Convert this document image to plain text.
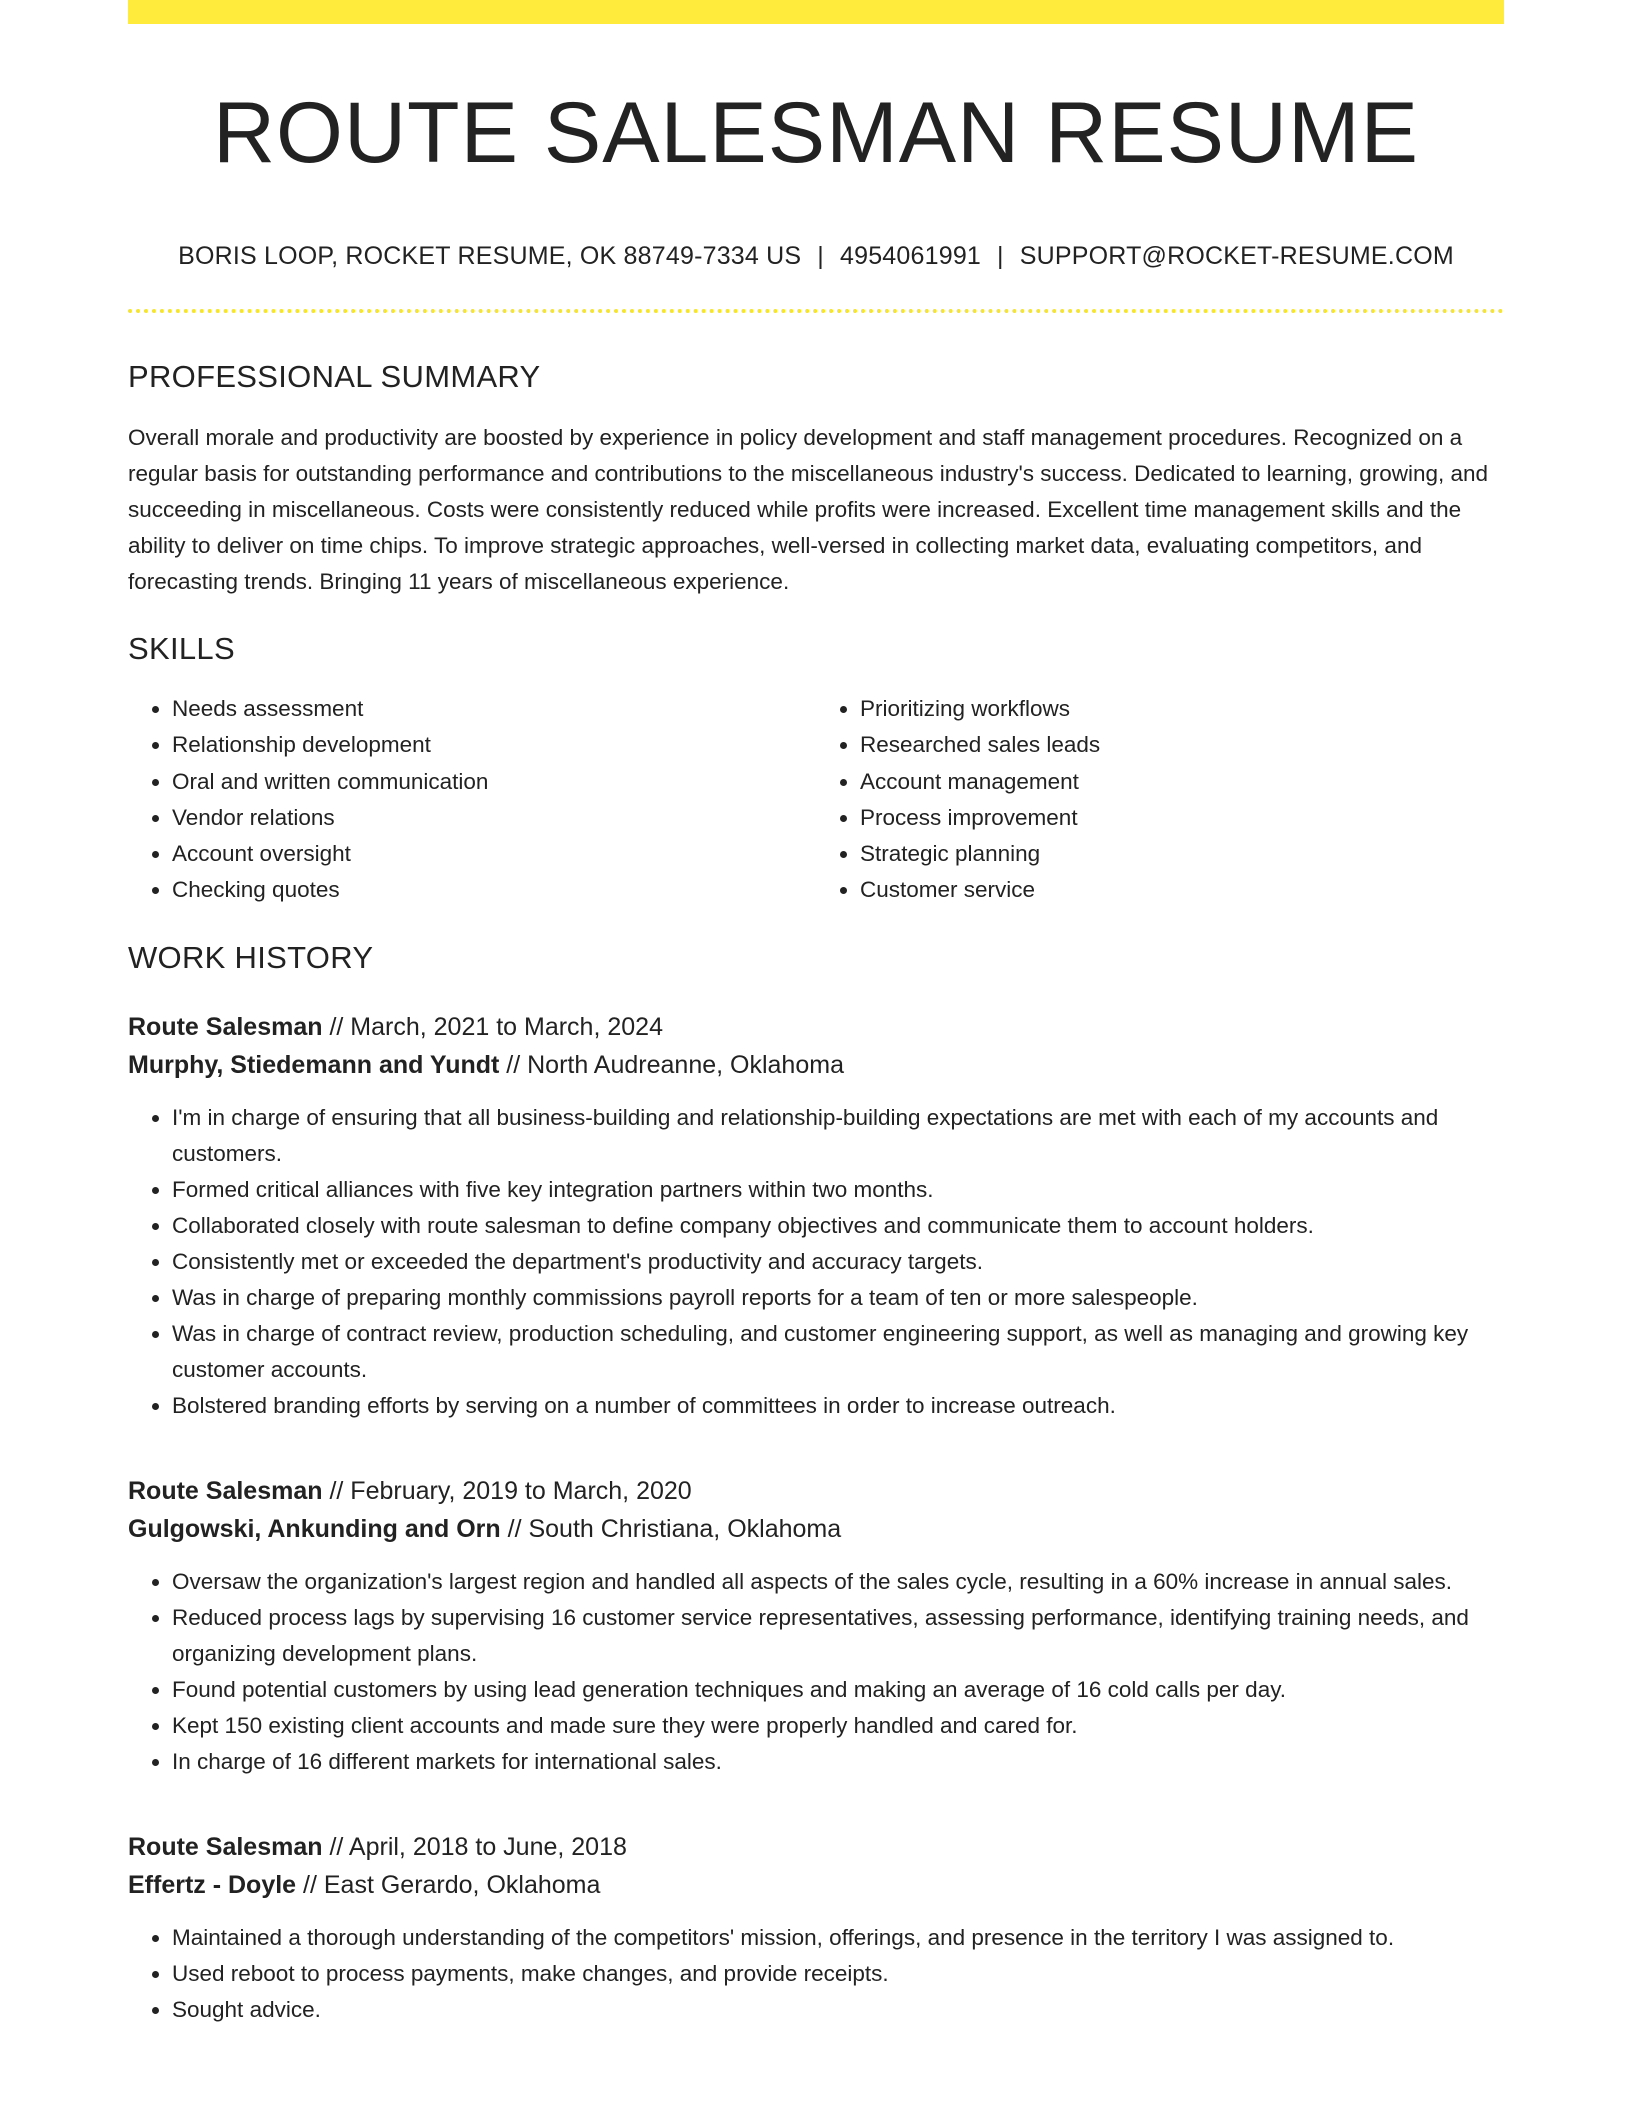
ROUTE SALESMAN RESUME
BORIS LOOP, ROCKET RESUME, OK 88749-7334 US | 4954061991 | SUPPORT@ROCKET-RESUME.COM
PROFESSIONAL SUMMARY

Overall morale and productivity are boosted by experience in policy development and staff management procedures. Recognized on a regular basis for outstanding performance and contributions to the miscellaneous industry's success. Dedicated to learning, growing, and succeeding in miscellaneous. Costs were consistently reduced while profits were increased. Excellent time management skills and the ability to deliver on time chips. To improve strategic approaches, well-versed in collecting market data, evaluating competitors, and forecasting trends. Bringing 11 years of miscellaneous experience.

SKILLS
• Needs assessment
• Relationship development
• Oral and written communication
• Vendor relations
• Account oversight
• Checking quotes
• Prioritizing workflows
• Researched sales leads
• Account management
• Process improvement
• Strategic planning
• Customer service
WORK HISTORY
Route Salesman // March, 2021 to March, 2024
Murphy, Stiedemann and Yundt // North Audreanne, Oklahoma
• I'm in charge of ensuring that all business-building and relationship-building expectations are met with each of my accounts and customers.
• Formed critical alliances with five key integration partners within two months.
• Collaborated closely with route salesman to define company objectives and communicate them to account holders.
• Consistently met or exceeded the department's productivity and accuracy targets.
• Was in charge of preparing monthly commissions payroll reports for a team of ten or more salespeople.
• Was in charge of contract review, production scheduling, and customer engineering support, as well as managing and growing key customer accounts.
• Bolstered branding efforts by serving on a number of committees in order to increase outreach.
Route Salesman // February, 2019 to March, 2020
Gulgowski, Ankunding and Orn // South Christiana, Oklahoma
• Oversaw the organization's largest region and handled all aspects of the sales cycle, resulting in a 60% increase in annual sales.
• Reduced process lags by supervising 16 customer service representatives, assessing performance, identifying training needs, and organizing development plans.
• Found potential customers by using lead generation techniques and making an average of 16 cold calls per day.
• Kept 150 existing client accounts and made sure they were properly handled and cared for.
• In charge of 16 different markets for international sales.
Route Salesman // April, 2018 to June, 2018
Effertz - Doyle // East Gerardo, Oklahoma
• Maintained a thorough understanding of the competitors' mission, offerings, and presence in the territory I was assigned to.
• Used reboot to process payments, make changes, and provide receipts.
• Sought advice.
